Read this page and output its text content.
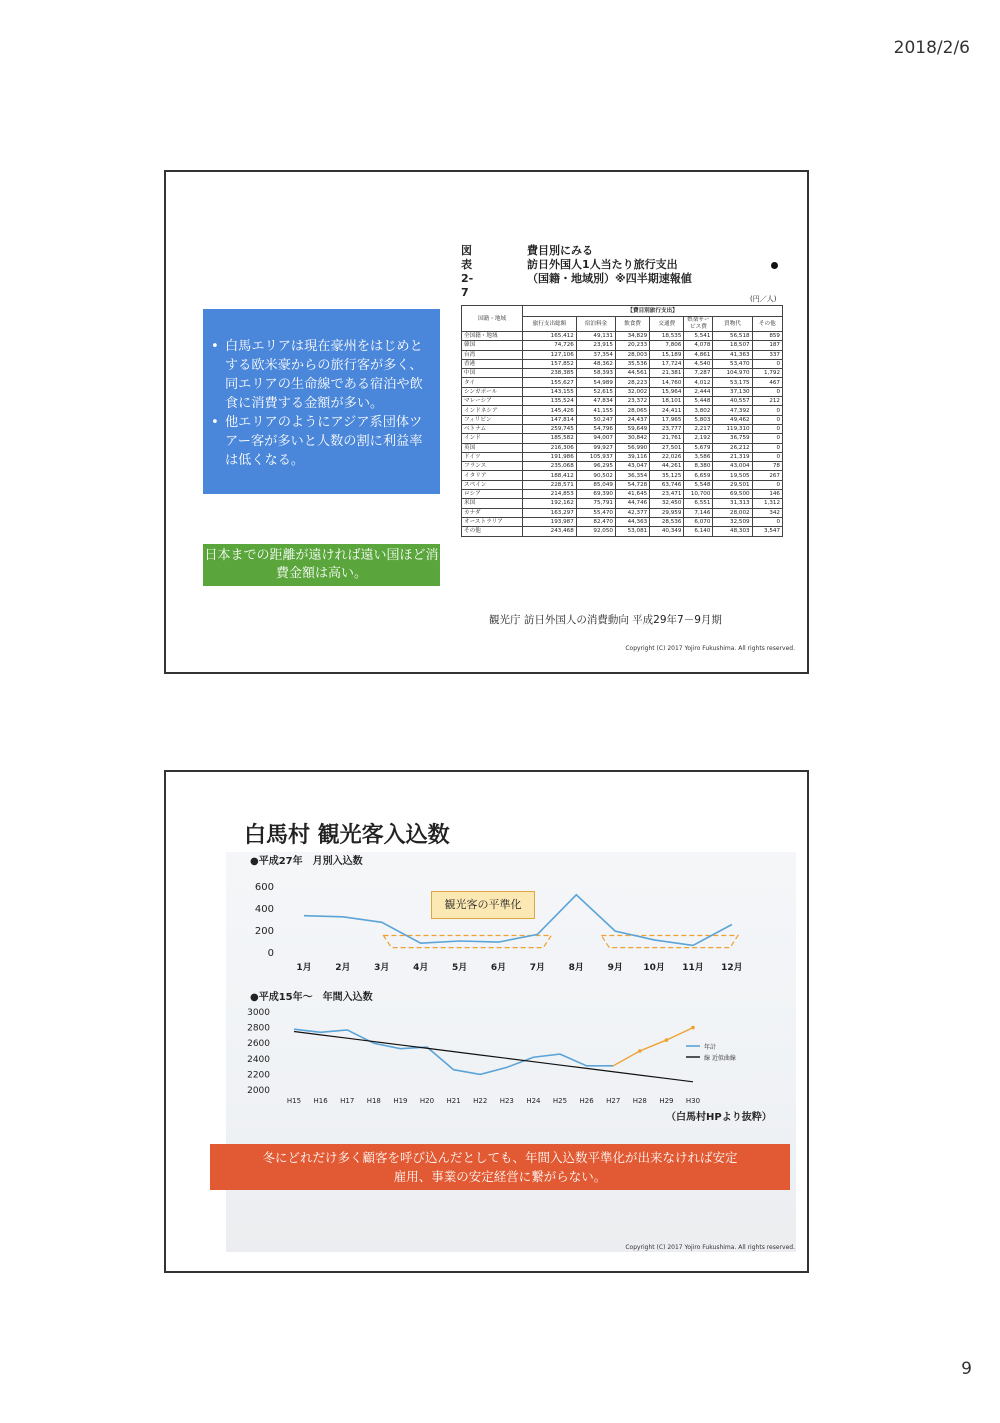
2018/2/6
図表 2-7
費目別にみる
訪日外国人1人当たり旅行支出
（国籍・地域別）※四半期速報値
(円／人)
• 白馬エリアは現在豪州をはじめとする欧米豪からの旅行客が多く、同エリアの生命線である宿泊や飲食に消費する金額が多い。
• 他エリアのようにアジア系団体ツアー客が多いと人数の割に利益率は低くなる。
日本までの距離が遠ければ遠い国ほど消費金額は高い。
国籍・地域	【費目別旅行支出】						
	旅行支出総額	宿泊料金	飲食費	交通費	娯楽サービス費	買物代	その他
全国籍・地域	165,412	49,131	34,829	18,535	5,541	56,518	859
韓国	74,726	23,915	20,233	7,806	4,078	18,507	187
台湾	127,106	37,354	28,003	15,189	4,861	41,363	337
香港	157,852	48,362	35,536	17,724	4,540	53,470	0
中国	238,385	58,393	44,561	21,381	7,287	104,970	1,792
タイ	155,627	54,989	28,223	14,760	4,012	53,175	467
シンガポール	143,155	52,615	32,002	15,964	2,444	37,130	0
マレーシア	135,524	47,834	23,372	18,101	5,448	40,557	212
インドネシア	145,426	41,155	28,065	24,411	3,802	47,392	0
フィリピン	147,814	50,247	24,437	17,965	5,803	49,462	0
ベトナム	259,745	54,796	59,649	23,777	2,217	119,310	0
インド	185,582	94,007	30,842	21,761	2,192	36,759	0
英国	216,306	99,927	56,990	27,501	5,679	26,212	0
ドイツ	191,986	105,937	39,116	22,026	3,586	21,319	0
フランス	235,068	96,295	43,047	44,261	8,380	43,004	78
イタリア	188,412	90,502	36,354	35,125	6,659	19,505	267
スペイン	228,571	85,049	54,728	63,746	5,548	29,501	0
ロシア	214,853	69,390	41,645	23,471	10,700	69,500	146
米国	192,162	75,791	44,746	32,450	6,551	31,313	1,312
カナダ	163,297	55,470	42,377	29,959	7,146	28,002	342
オーストラリア	193,987	82,470	44,363	28,536	6,070	32,509	0
その他	243,468	92,050	53,081	40,349	6,140	48,303	3,547
観光庁 訪日外国人の消費動向 平成29年7－9月期
Copyright (C) 2017 Yojiro Fukushima. All rights reserved.
白馬村 観光客入込数
●平成27年　月別入込数
●平成15年～　年間入込数
0
200
400
600
1月	2月	3月	4月	5月	6月	7月	8月	9月 10月 11月 12月
2000
2200
2400
2600
2800
3000
H15 H16 H17 H18 H19 H20 H21 H22 H23 H24 H25 H26 H27 H28 H29 H30
年計
線 近似曲線
観光客の平準化
（白馬村HPより抜粋）
冬にどれだけ多く顧客を呼び込んだとしても、年間入込数平準化が出来なければ安定
雇用、事業の安定経営に繋がらない。
Copyright (C) 2017 Yojiro Fukushima. All rights reserved.
9
